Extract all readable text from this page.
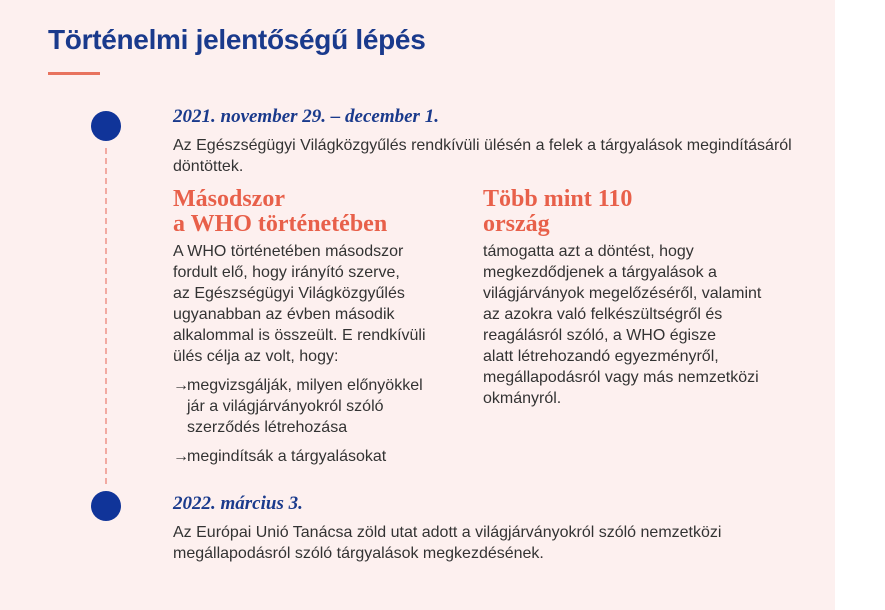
Történelmi jelentőségű lépés
2021. november 29. – december 1.
Az Egészségügyi Világközgyűlés rendkívüli ülésén a felek a tárgyalások megindításáról
döntöttek.
Másodszor
a WHO történetében
A WHO történetében másodszor
fordult elő, hogy irányító szerve,
az Egészségügyi Világközgyűlés
ugyanabban az évben második
alkalommal is összeült. E rendkívüli
ülés célja az volt, hogy:
→megvizsgálják, milyen előnyökkel
jár a világjárványokról szóló
szerződés létrehozása
→megindítsák a tárgyalásokat
Több mint 110
ország
támogatta azt a döntést, hogy
megkezdődjenek a tárgyalások a
világjárványok megelőzéséről, valamint
az azokra való felkészültségről és
reagálásról szóló, a WHO égisze
alatt létrehozandó egyezményről,
megállapodásról vagy más nemzetközi
okmányról.
2022. március 3.
Az Európai Unió Tanácsa zöld utat adott a világjárványokról szóló nemzetközi
megállapodásról szóló tárgyalások megkezdésének.
